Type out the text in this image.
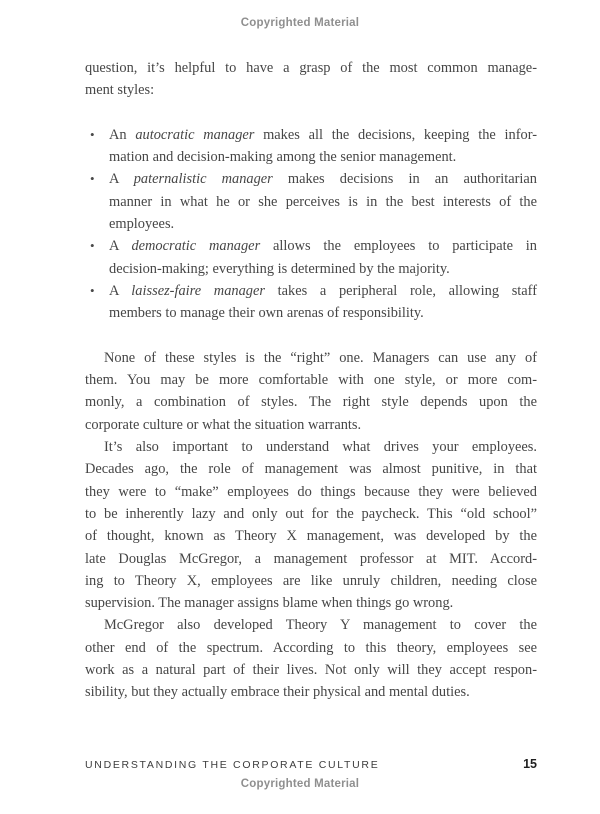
Copyrighted Material
question, it’s helpful to have a grasp of the most common manage-
ment styles:
• An autocratic manager makes all the decisions, keeping the infor-
mation and decision-making among the senior management.
• A paternalistic manager makes decisions in an authoritarian
manner in what he or she perceives is in the best interests of the
employees.
• A democratic manager allows the employees to participate in
decision-making; everything is determined by the majority.
• A laissez-faire manager takes a peripheral role, allowing staff
members to manage their own arenas of responsibility.
None of these styles is the “right” one. Managers can use any of
them. You may be more comfortable with one style, or more com-
monly, a combination of styles. The right style depends upon the
corporate culture or what the situation warrants.
It’s also important to understand what drives your employees.
Decades ago, the role of management was almost punitive, in that
they were to “make” employees do things because they were believed
to be inherently lazy and only out for the paycheck. This “old school”
of thought, known as Theory X management, was developed by the
late Douglas McGregor, a management professor at MIT. Accord-
ing to Theory X, employees are like unruly children, needing close
supervision. The manager assigns blame when things go wrong.
McGregor also developed Theory Y management to cover the
other end of the spectrum. According to this theory, employees see
work as a natural part of their lives. Not only will they accept respon-
sibility, but they actually embrace their physical and mental duties.
UNDERSTANDING THE CORPORATE CULTURE	15
Copyrighted Material
